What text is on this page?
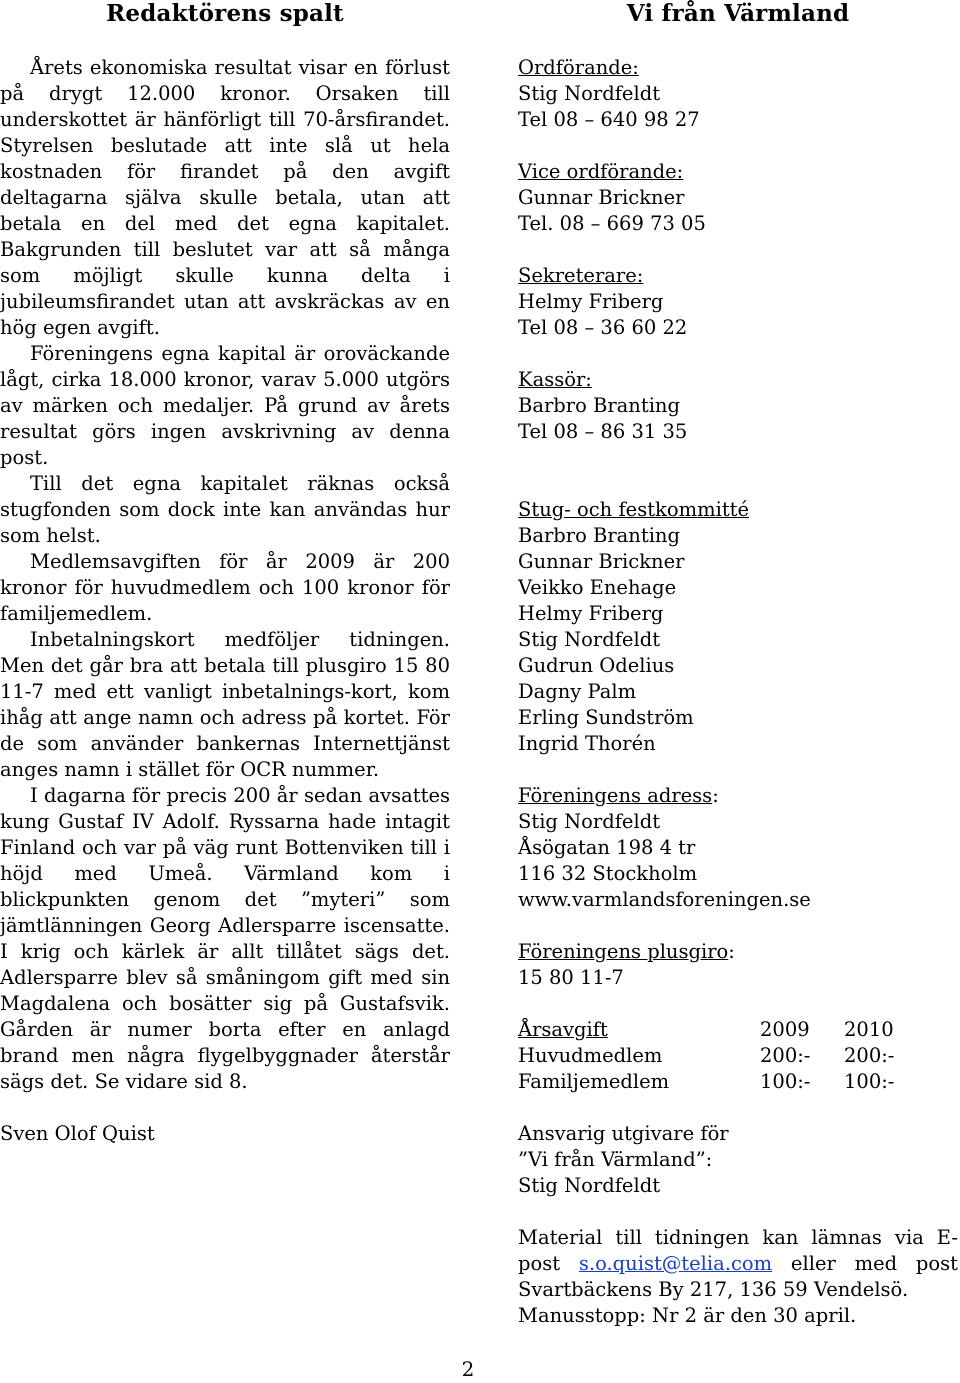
Redaktörens spalt

Årets ekonomiska resultat visar en förlust på drygt 12.000 kronor. Orsaken till underskottet är hänförligt till 70-årsfirandet. Styrelsen beslutade att inte slå ut hela kostnaden för firandet på den avgift deltagarna själva skulle betala, utan att betala en del med det egna kapitalet. Bakgrunden till beslutet var att så många som möjligt skulle kunna delta i jubileumsfirandet utan att avskräckas av en hög egen avgift.

Föreningens egna kapital är oroväckande lågt, cirka 18.000 kronor, varav 5.000 utgörs av märken och medaljer. På grund av årets resultat görs ingen avskrivning av denna post.

Till det egna kapitalet räknas också stugfonden som dock inte kan användas hur som helst.

Medlemsavgiften för år 2009 är 200 kronor för huvudmedlem och 100 kronor för familjemedlem.

Inbetalningskort medföljer tidningen. Men det går bra att betala till plusgiro 15 80 11-7 med ett vanligt inbetalnings-kort, kom ihåg att ange namn och adress på kortet. För de som använder bankernas Internettjänst anges namn i stället för OCR nummer.

I dagarna för precis 200 år sedan avsattes kung Gustaf IV Adolf. Ryssarna hade intagit Finland och var på väg runt Bottenviken till i höjd med Umeå. Värmland kom i blickpunkten genom det ”myteri” som jämtlänningen Georg Adlersparre iscensatte. I krig och kärlek är allt tillåtet sägs det. Adlersparre blev så småningom gift med sin Magdalena och bosätter sig på Gustafsvik. Gården är numer borta efter en anlagd brand men några flygelbyggnader återstår sägs det. Se vidare sid 8.

Sven Olof Quist
Vi från Värmland
Ordförande:
Stig Nordfeldt
Tel 08 – 640 98 27
Vice ordförande:
Gunnar Brickner
Tel. 08 – 669 73 05
Sekreterare:
Helmy Friberg
Tel 08 – 36 60 22
Kassör:
Barbro Branting
Tel 08 – 86 31 35
Stug- och festkommitté
Barbro Branting
Gunnar Brickner
Veikko Enehage
Helmy Friberg
Stig Nordfeldt
Gudrun Odelius
Dagny Palm
Erling Sundström
Ingrid Thorén
Föreningens adress:
Stig Nordfeldt
Åsögatan 198 4 tr
116 32 Stockholm
www.varmlandsforeningen.se
Föreningens plusgiro:
15 80 11-7
Årsavgift	2009	2010
Huvudmedlem	200:-	200:-
Familjemedlem	100:-	100:-
Ansvarig utgivare för
”Vi från Värmland”:
Stig Nordfeldt
Material till tidningen kan lämnas via E-post s.o.quist@telia.com eller med post Svartbäckens By 217, 136 59 Vendelsö.
Manusstopp: Nr 2 är den 30 april.
2
